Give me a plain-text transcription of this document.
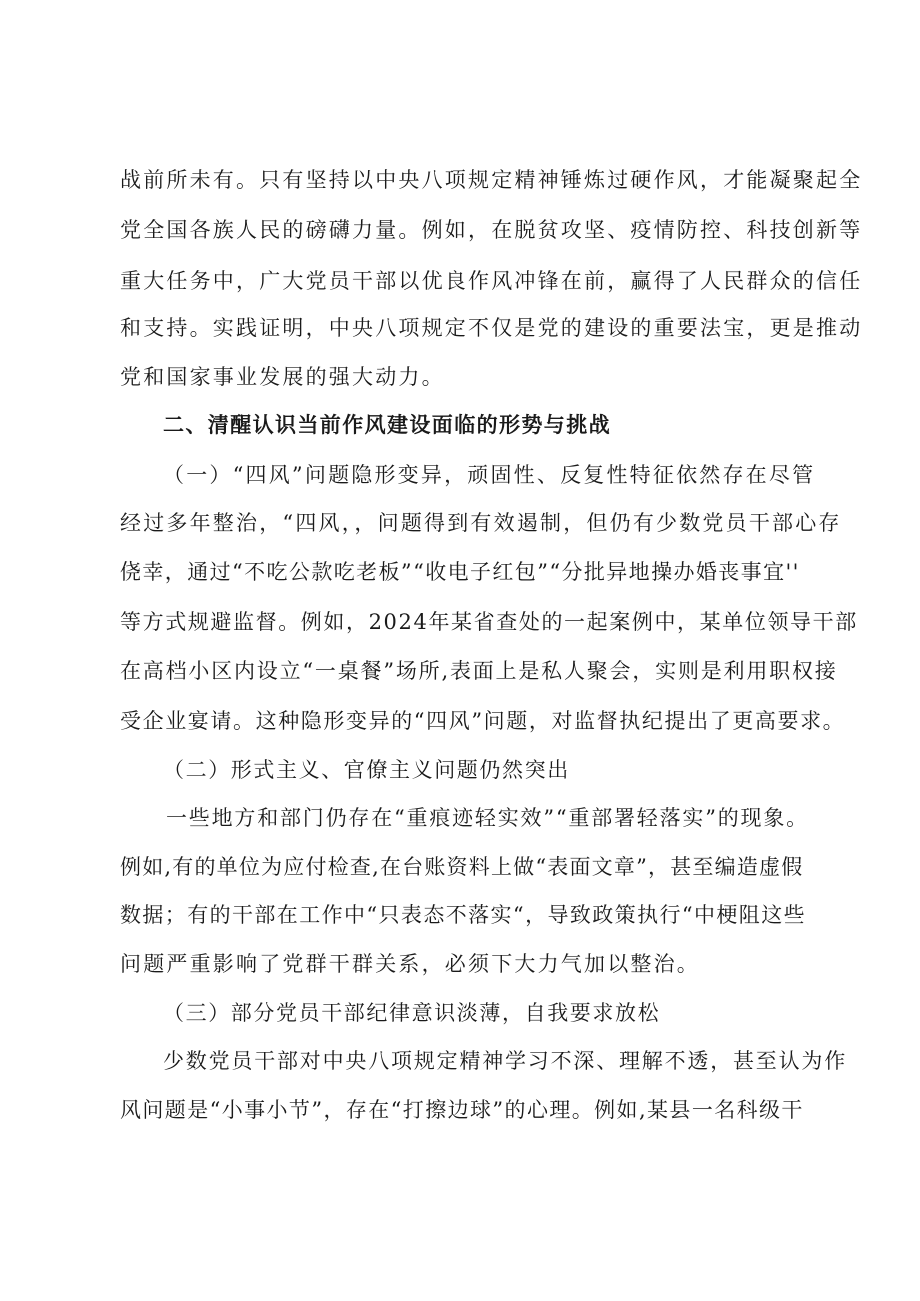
战前所未有。只有坚持以中央八项规定精神锤炼过硬作风，才能凝聚起全
党全国各族人民的磅礴力量。例如，在脱贫攻坚、疫情防控、科技创新等
重大任务中，广大党员干部以优良作风冲锋在前，赢得了人民群众的信任
和支持。实践证明，中央八项规定不仅是党的建设的重要法宝，更是推动
党和国家事业发展的强大动力。
二、清醒认识当前作风建设面临的形势与挑战
（一）“四风”问题隐形变异，顽固性、反复性特征依然存在尽管
经过多年整治，“四风，，问题得到有效遏制，但仍有少数党员干部心存
侥幸，通过“不吃公款吃老板”“收电子红包”“分批异地操办婚丧事宜''
等方式规避监督。例如，2024年某省查处的一起案例中，某单位领导干部
在高档小区内设立“一桌餐”场所,表面上是私人聚会，实则是利用职权接
受企业宴请。这种隐形变异的“四风”问题，对监督执纪提出了更高要求。
（二）形式主义、官僚主义问题仍然突出
一些地方和部门仍存在“重痕迹轻实效”“重部署轻落实”的现象。
例如,有的单位为应付检查,在台账资料上做“表面文章”，甚至编造虚假
数据；有的干部在工作中“只表态不落实“，导致政策执行“中梗阻这些
问题严重影响了党群干群关系，必须下大力气加以整治。
（三）部分党员干部纪律意识淡薄，自我要求放松
少数党员干部对中央八项规定精神学习不深、理解不透，甚至认为作
风问题是“小事小节”，存在“打擦边球”的心理。例如,某县一名科级干
